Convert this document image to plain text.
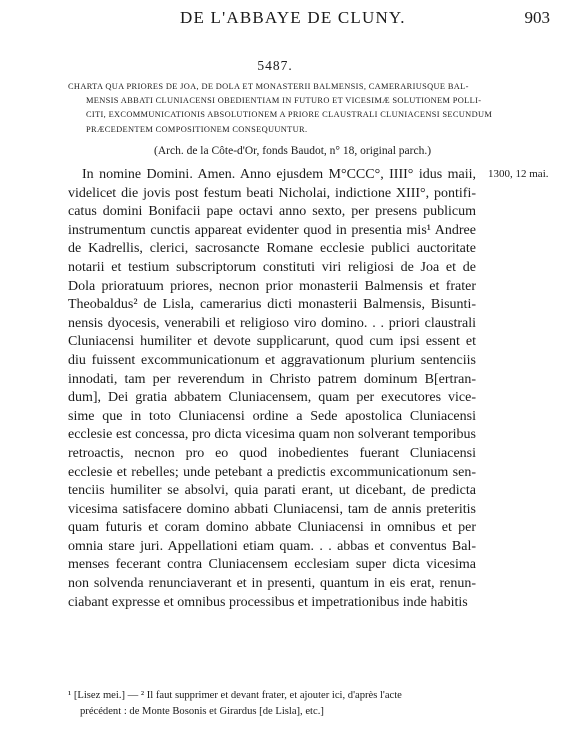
DE L'ABBAYE DE CLUNY.	903
5487.
CHARTA QUA PRIORES DE JOA, DE DOLA ET MONASTERII BALMENSIS, CAMERARIUSQUE BAL-
MENSIS ABBATI CLUNIACENSI OBEDIENTIAM IN FUTURO ET VICESIMÆ SOLUTIONEM POLLI-
CITI, EXCOMMUNICATIONIS ABSOLUTIONEM A PRIORE CLAUSTRALI CLUNIACENSI SECUNDUM
PRÆCEDENTEM COMPOSITIONEM CONSEQUUNTUR.
(Arch. de la Côte-d'Or, fonds Baudot, n° 18, original parch.)
1300, 12 mai.
In nomine Domini. Amen. Anno ejusdem M°CCC°, IIII° idus maii,
videlicet die jovis post festum beati Nicholai, indictione XIII°, pontifi-
catus domini Bonifacii pape octavi anno sexto, per presens publicum
instrumentum cunctis appareat evidenter quod in presentia mis¹ Andree
de Kadrellis, clerici, sacrosancte Romane ecclesie publici auctoritate
notarii et testium subscriptorum constituti viri religiosi de Joa et de
Dola prioratuum priores, necnon prior monasterii Balmensis et frater
Theobaldus² de Lisla, camerarius dicti monasterii Balmensis, Bisunti-
nensis dyocesis, venerabili et religioso viro domino. . . priori claustrali
Cluniacensi humiliter et devote supplicarunt, quod cum ipsi essent et
diu fuissent excommunicationum et aggravationum plurium sentenciis
innodati, tam per reverendum in Christo patrem dominum B[ertran-
dum], Dei gratia abbatem Cluniacensem, quam per executores vice-
sime que in toto Cluniacensi ordine a Sede apostolica Cluniacensi
ecclesie est concessa, pro dicta vicesima quam non solverant temporibus
retroactis, necnon pro eo quod inobedientes fuerant Cluniacensi
ecclesie et rebelles; unde petebant a predictis excommunicationum sen-
tenciis humiliter se absolvi, quia parati erant, ut dicebant, de predicta
vicesima satisfacere domino abbati Cluniacensi, tam de annis preteritis
quam futuris et coram domino abbate Cluniacensi in omnibus et per
omnia stare juri. Appellationi etiam quam. . . abbas et conventus Bal-
menses fecerant contra Cluniacensem ecclesiam super dicta vicesima
non solvenda renunciaverant et in presenti, quantum in eis erat, renun-
ciabant expresse et omnibus processibus et impetrationibus inde habitis
¹ [Lisez mei.] — ² Il faut supprimer et devant frater, et ajouter ici, d'après l'acte
précédent : de Monte Bosonis et Girardus [de Lisla], etc.]
